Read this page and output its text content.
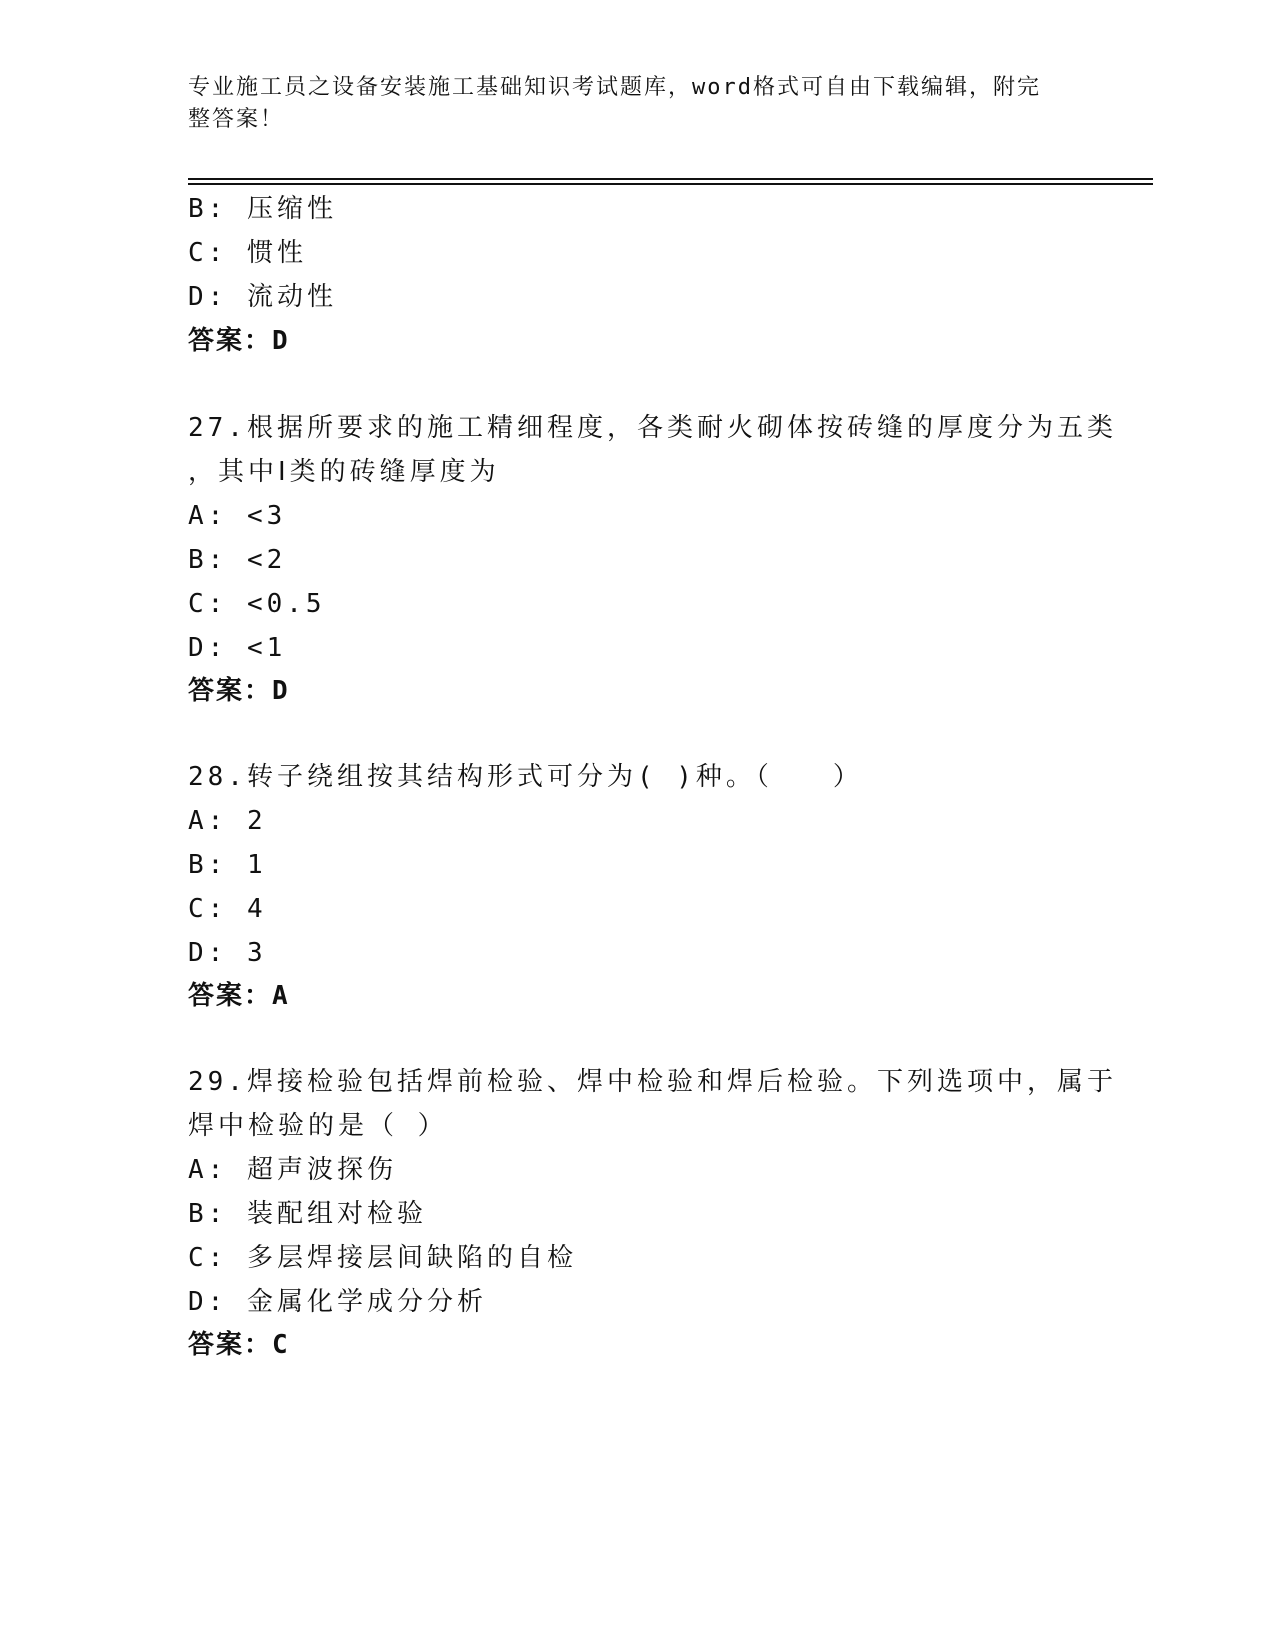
专业施工员之设备安装施工基础知识考试题库，word格式可自由下载编辑，附完
整答案！
B: 压缩性
C: 惯性
D: 流动性
答案：D
27.根据所要求的施工精细程度，各类耐火砌体按砖缝的厚度分为五类
，其中Ⅰ类的砖缝厚度为
A: <3
B: <2
C: <0.5
D: <1
答案：D
28.转子绕组按其结构形式可分为( )种。（　　）
A: 2
B: 1
C: 4
D: 3
答案：A
29.焊接检验包括焊前检验、焊中检验和焊后检验。下列选项中，属于
焊中检验的是（ ）
A: 超声波探伤
B: 装配组对检验
C: 多层焊接层间缺陷的自检
D: 金属化学成分分析
答案：C
